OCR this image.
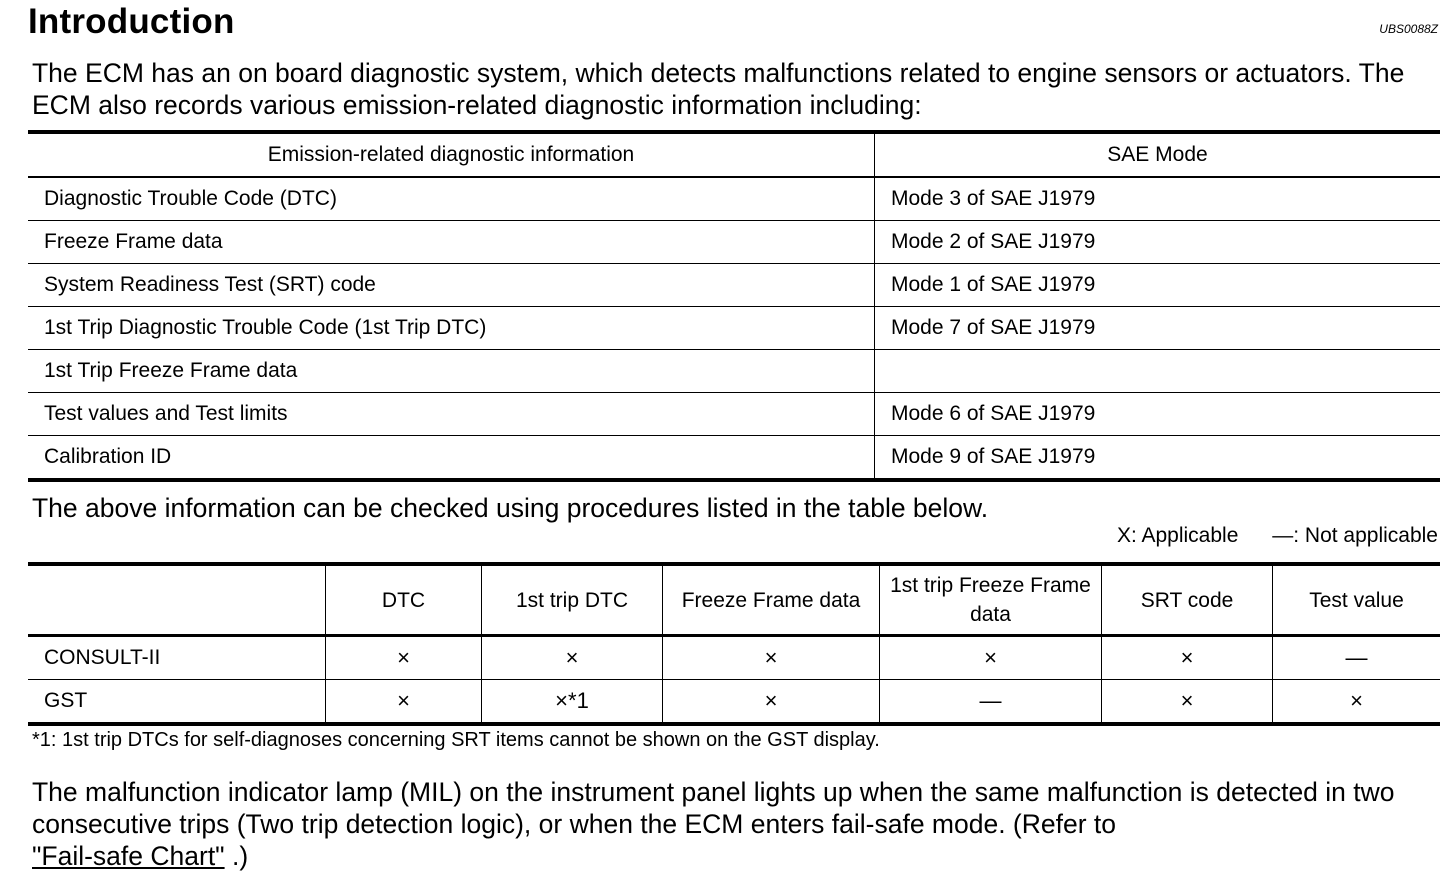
Introduction	UBS0088Z
The ECM has an on board diagnostic system, which detects malfunctions related to engine sensors or actuators. The ECM also records various emission-related diagnostic information including:
Emission-related diagnostic information	SAE Mode
Diagnostic Trouble Code (DTC)	Mode 3 of SAE J1979
Freeze Frame data	Mode 2 of SAE J1979
System Readiness Test (SRT) code	Mode 1 of SAE J1979
1st Trip Diagnostic Trouble Code (1st Trip DTC)	Mode 7 of SAE J1979
1st Trip Freeze Frame data	
Test values and Test limits	Mode 6 of SAE J1979
Calibration ID	Mode 9 of SAE J1979
The above information can be checked using procedures listed in the table below.
X: Applicable —: Not applicable
	DTC	1st trip DTC	Freeze Frame data	1st trip Freeze Frame data	SRT code	Test value
CONSULT-II	×	×	×	×	×	—
GST	×	×*1	×	—	×	×
*1: 1st trip DTCs for self-diagnoses concerning SRT items cannot be shown on the GST display.
The malfunction indicator lamp (MIL) on the instrument panel lights up when the same malfunction is detected in two consecutive trips (Two trip detection logic), or when the ECM enters fail-safe mode. (Refer to
"Fail-safe Chart" .)
